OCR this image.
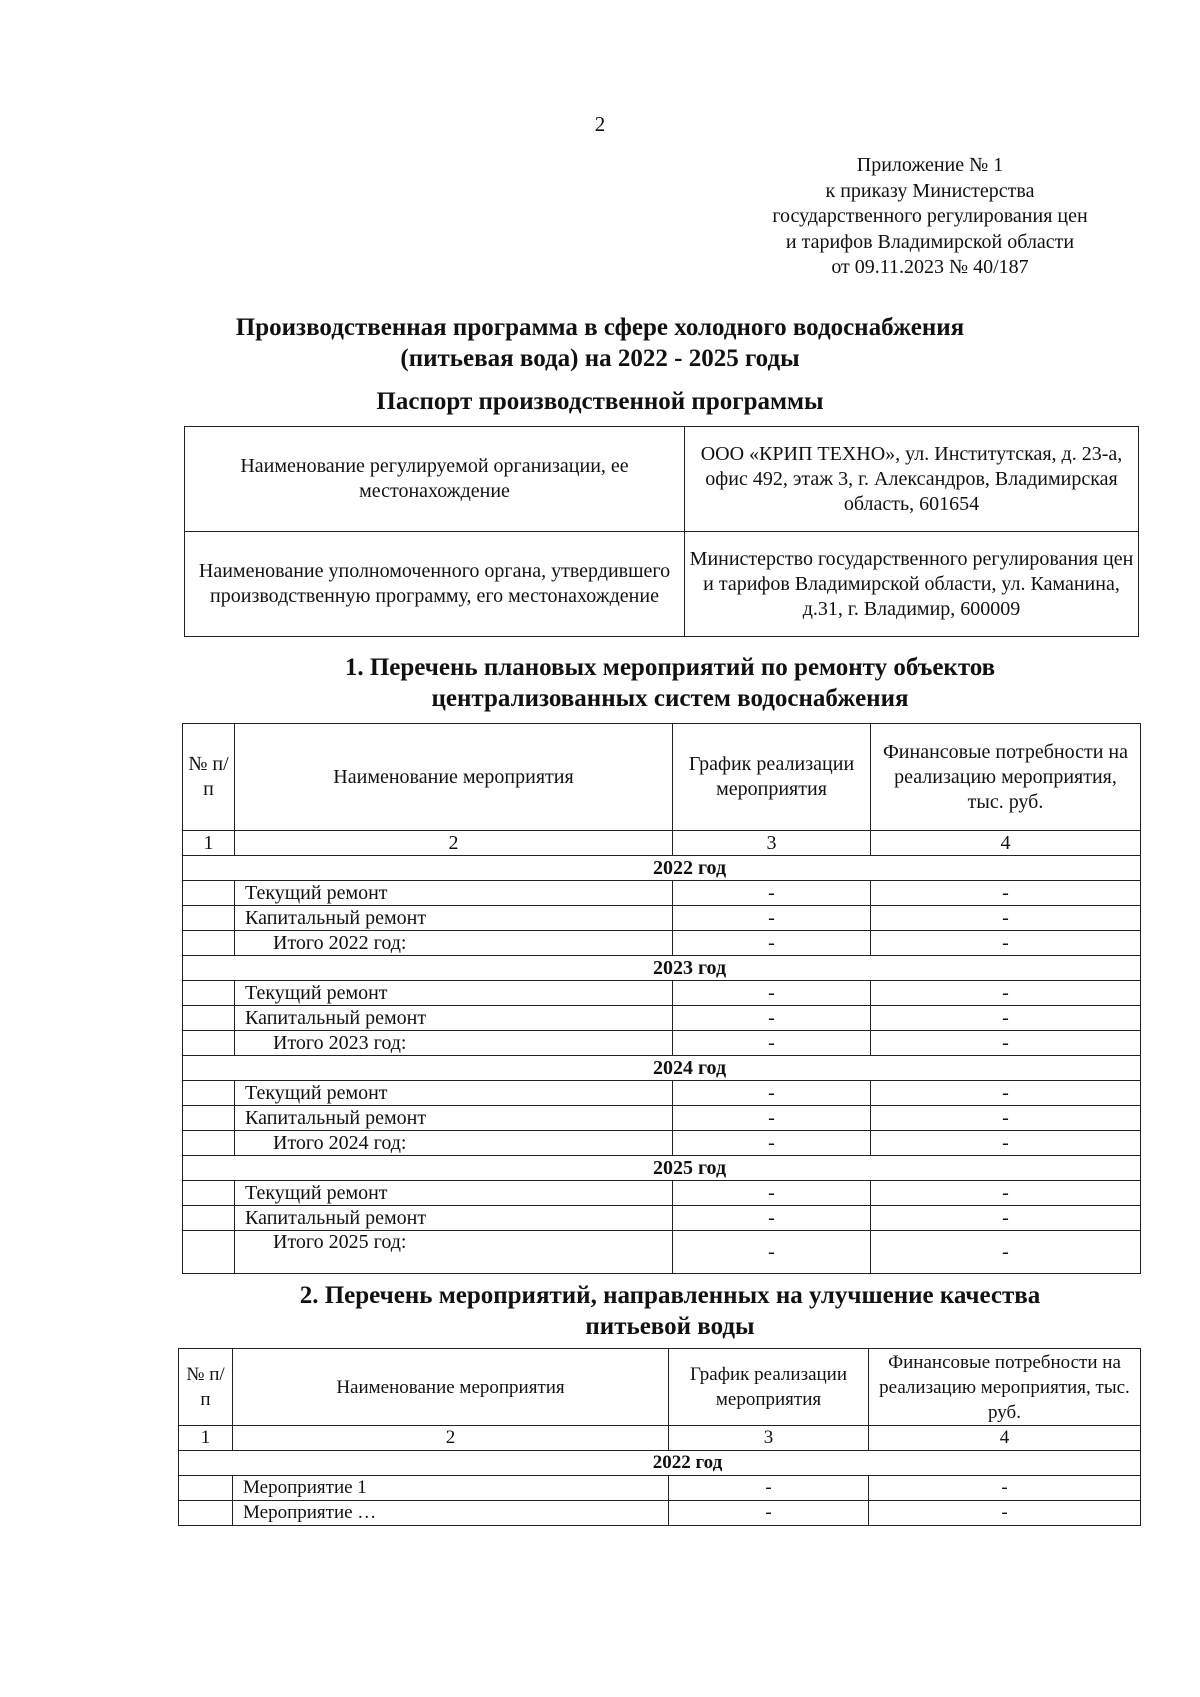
2
Приложение № 1
к приказу Министерства
государственного регулирования цен
и тарифов Владимирской области
от 09.11.2023 № 40/187
Производственная программа в сфере холодного водоснабжения
(питьевая вода) на 2022 - 2025 годы
Паспорт производственной программы
Наименование регулируемой организации, ее местонахождение	ООО «КРИП ТЕХНО», ул. Институтская, д. 23-а, офис 492, этаж 3, г. Александров, Владимирская область, 601654
Наименование уполномоченного органа, утвердившего производственную программу, его местонахождение	Министерство государственного регулирования цен и тарифов Владимирской области, ул. Каманина, д.31, г. Владимир, 600009
1. Перечень плановых мероприятий по ремонту объектов
централизованных систем водоснабжения
№ п/п	Наименование мероприятия	График реализации мероприятия	Финансовые потребности на реализацию мероприятия, тыс. руб.
1	2	3	4
2022 год			
	Текущий ремонт	-	-
	Капитальный ремонт	-	-
	Итого 2022 год:	-	-
2023 год			
	Текущий ремонт	-	-
	Капитальный ремонт	-	-
	Итого 2023 год:	-	-
2024 год			
	Текущий ремонт	-	-
	Капитальный ремонт	-	-
	Итого 2024 год:	-	-
2025 год			
	Текущий ремонт	-	-
	Капитальный ремонт	-	-
	Итого 2025 год:	-	-
2. Перечень мероприятий, направленных на улучшение качества
питьевой воды
№ п/п	Наименование мероприятия	График реализации мероприятия	Финансовые потребности на реализацию мероприятия, тыс. руб.
1	2	3	4
2022 год			
	Мероприятие 1	-	-
	Мероприятие …	-	-
